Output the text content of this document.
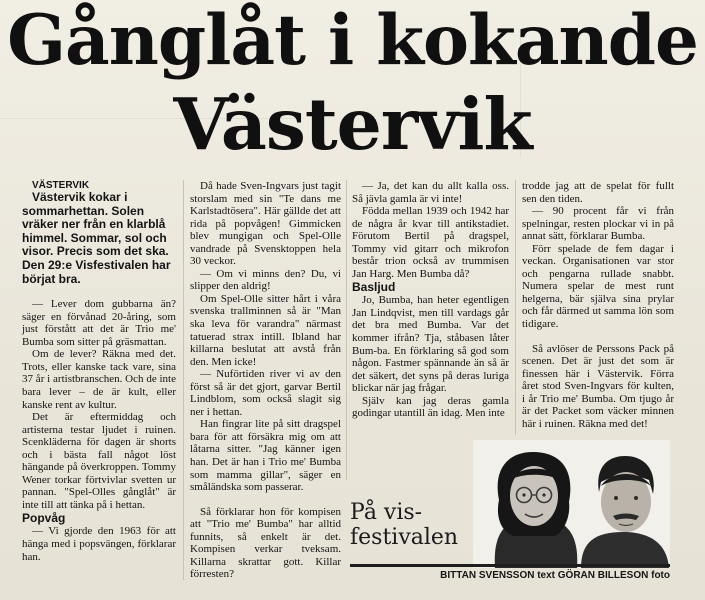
Gånglåt i kokande
Västervik

VÄSTERVIK

Västervik kokar i sommarhettan. Solen vräker ner från en klarblå himmel. Sommar, sol och visor. Precis som det ska. Den 29:e Visfestivalen har börjat bra.

— Lever dom gubbarna än? säger en förvånad 20-åring, som just förstått att det är Trio me' Bumba som sitter på gräsmattan.

Om de lever? Räkna med det. Trots, eller kanske tack vare, sina 37 år i artistbranschen. Och de inte bara lever – de är kult, eller kanske rent av kultur.

Det är eftermiddag och artisterna testar ljudet i ruinen. Scenkläderna för dagen är shorts och i bästa fall något löst hängande på överkroppen. Tommy Wener torkar förtvivlar svetten ur pannan. "Spel-Olles gånglåt" är inte till att tänka på i hettan.

Popvåg

— Vi gjorde den 1963 för att hänga med i popsvängen, förklarar han.

Då hade Sven-Ingvars just tagit storslam med sin "Te dans me Karlstadtösera". Här gällde det att rida på popvågen! Gimmicken blev mungigan och Spel-Olle vandrade på Svensktoppen hela 30 veckor.

— Om vi minns den? Du, vi slipper den aldrig!

Om Spel-Olle sitter hårt i våra svenska trallminnen så är "Man ska leva för varandra" närmast tatuerad strax intill. Ibland har killarna beslutat att avstå från den. Men icke!

— Nuförtiden river vi av den först så är det gjort, garvar Bertil Lindblom, som också slagit sig ner i hettan.

Han fingrar lite på sitt dragspel bara för att försäkra mig om att låtarna sitter. "Jag känner igen han. Det är han i Trio me' Bumba som mamma gillar", säger en småländska som passerar.

Så förklarar hon för kompisen att "Trio me' Bumba" har alltid funnits, så enkelt är det. Kompisen verkar tveksam. Killarna skrattar gott. Killar förresten?

— Ja, det kan du allt kalla oss. Så jävla gamla är vi inte!

Födda mellan 1939 och 1942 har de några år kvar till antikstadiet. Förutom Bertil på dragspel, Tommy vid gitarr och mikrofon består trion också av trummisen Jan Harg. Men Bumba då?

Basljud

Jo, Bumba, han heter egentligen Jan Lindqvist, men till vardags går det bra med Bumba. Var det kommer ifrån? Tja, ståbasen låter Bum-ba. En förklaring så god som någon. Fastmer spännande än så är det säkert, det syns på deras luriga blickar när jag frågar.

Själv kan jag deras gamla godingar utantill än idag. Men inte

trodde jag att de spelat för fullt sen den tiden.

— 90 procent får vi från spelningar, resten plockar vi in på annat sätt, förklarar Bumba.

Förr spelade de fem dagar i veckan. Organisationen var stor och pengarna rullade snabbt. Numera spelar de mest runt helgerna, bär själva sina prylar och får därmed ut samma lön som tidigare.

Så avlöser de Perssons Pack på scenen. Det är just det som är finessen här i Västervik. Förra året stod Sven-Ingvars för kulten, i år Trio me' Bumba. Om tjugo år är det Packet som väcker minnen här i ruinen. Räkna med det!

På vis-
festivalen
BITTAN SVENSSON text GÖRAN BILLESON foto
